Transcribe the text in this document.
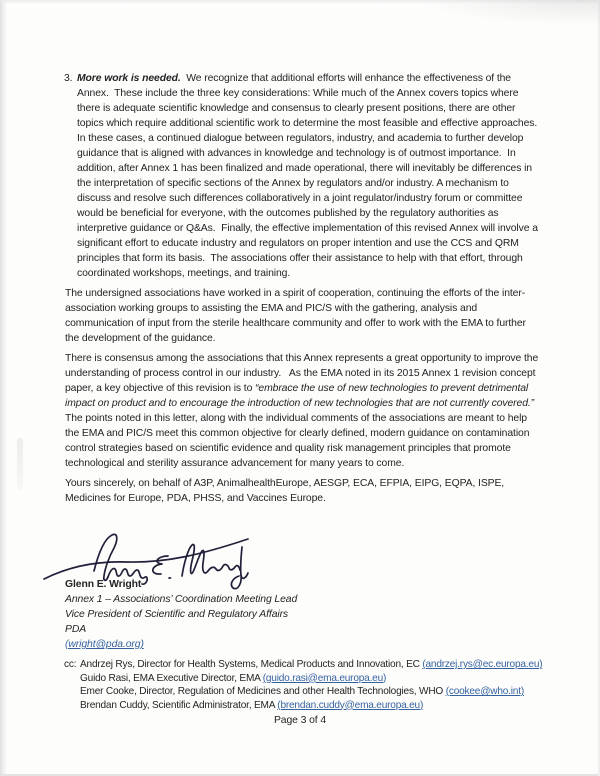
3. More work is needed.  We recognize that additional efforts will enhance the effectiveness of the Annex.  These include the three key considerations: While much of the Annex covers topics where there is adequate scientific knowledge and consensus to clearly present positions, there are other topics which require additional scientific work to determine the most feasible and effective approaches.  In these cases, a continued dialogue between regulators, industry, and academia to further develop guidance that is aligned with advances in knowledge and technology is of outmost importance.  In addition, after Annex 1 has been finalized and made operational, there will inevitably be differences in the interpretation of specific sections of the Annex by regulators and/or industry. A mechanism to discuss and resolve such differences collaboratively in a joint regulator/industry forum or committee would be beneficial for everyone, with the outcomes published by the regulatory authorities as interpretive guidance or Q&As.  Finally, the effective implementation of this revised Annex will involve a significant effort to educate industry and regulators on proper intention and use the CCS and QRM principles that form its basis.  The associations offer their assistance to help with that effort, through coordinated workshops, meetings, and training.

The undersigned associations have worked in a spirit of cooperation, continuing the efforts of the inter-association working groups to assisting the EMA and PIC/S with the gathering, analysis and communication of input from the sterile healthcare community and offer to work with the EMA to further the development of the guidance.

There is consensus among the associations that this Annex represents a great opportunity to improve the understanding of process control in our industry.   As the EMA noted in its 2015 Annex 1 revision concept paper, a key objective of this revision is to “embrace the use of new technologies to prevent detrimental impact on product and to encourage the introduction of new technologies that are not currently covered.”  The points noted in this letter, along with the individual comments of the associations are meant to help the EMA and PIC/S meet this common objective for clearly defined, modern guidance on contamination control strategies based on scientific evidence and quality risk management principles that promote technological and sterility assurance advancement for many years to come.

Yours sincerely, on behalf of A3P, AnimalhealthEurope, AESGP, ECA, EFPIA, EIPG, EQPA, ISPE, Medicines for Europe, PDA, PHSS, and Vaccines Europe.

Glenn E. Wright
Annex 1 – Associations’ Coordination Meeting Lead
Vice President of Scientific and Regulatory Affairs
PDA
(wright@pda.org)
cc: Andrzej Rys, Director for Health Systems, Medical Products and Innovation, EC (andrzej.rys@ec.europa.eu)
Guido Rasi, EMA Executive Director, EMA (guido.rasi@ema.europa.eu)
Emer Cooke, Director, Regulation of Medicines and other Health Technologies, WHO (cookee@who.int)
Brendan Cuddy, Scientific Administrator, EMA (brendan.cuddy@ema.europa.eu)
Page 3 of 4
